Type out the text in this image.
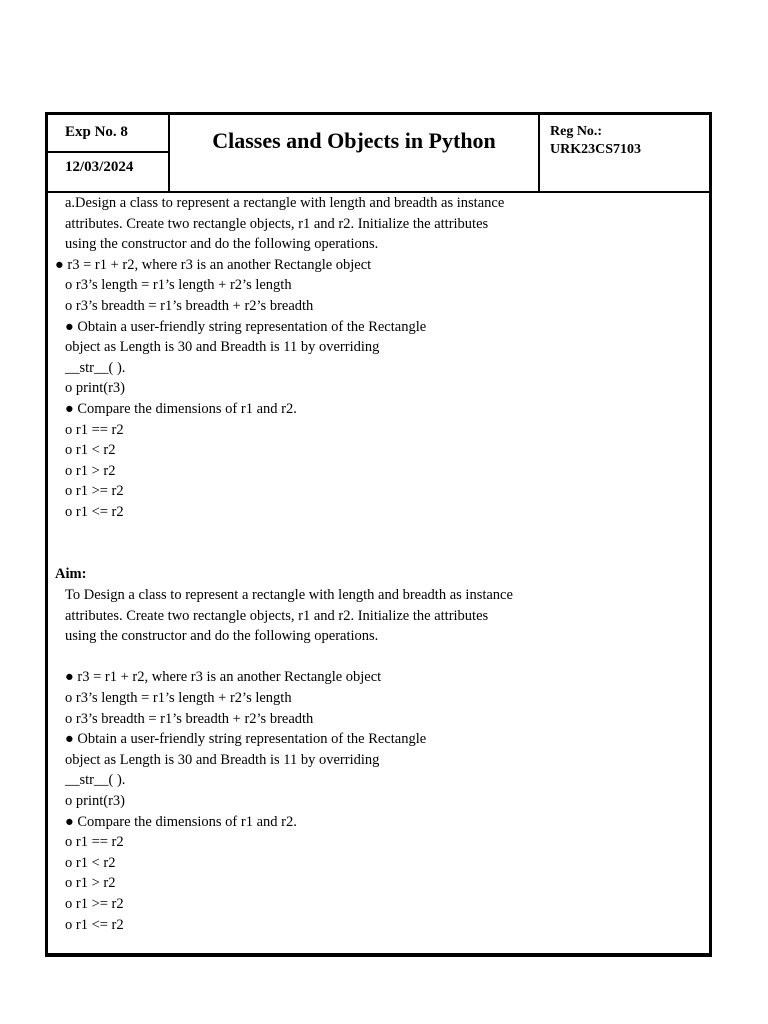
Exp No. 8
12/03/2024
Classes and Objects in Python	Reg No.:
URK23CS7103
a.Design a class to represent a rectangle with length and breadth as instance
attributes. Create two rectangle objects, r1 and r2. Initialize the attributes
using the constructor and do the following operations.
● r3 = r1 + r2, where r3 is an another Rectangle object
o r3’s length = r1’s length + r2’s length
o r3’s breadth = r1’s breadth + r2’s breadth
● Obtain a user-friendly string representation of the Rectangle
object as Length is 30 and Breadth is 11 by overriding
__str__( ).
o print(r3)
● Compare the dimensions of r1 and r2.
o r1 == r2
o r1 < r2
o r1 > r2
o r1 >= r2
o r1 <= r2
Aim:
To Design a class to represent a rectangle with length and breadth as instance
attributes. Create two rectangle objects, r1 and r2. Initialize the attributes
using the constructor and do the following operations.
● r3 = r1 + r2, where r3 is an another Rectangle object
o r3’s length = r1’s length + r2’s length
o r3’s breadth = r1’s breadth + r2’s breadth
● Obtain a user-friendly string representation of the Rectangle
object as Length is 30 and Breadth is 11 by overriding
__str__( ).
o print(r3)
● Compare the dimensions of r1 and r2.
o r1 == r2
o r1 < r2
o r1 > r2
o r1 >= r2
o r1 <= r2
